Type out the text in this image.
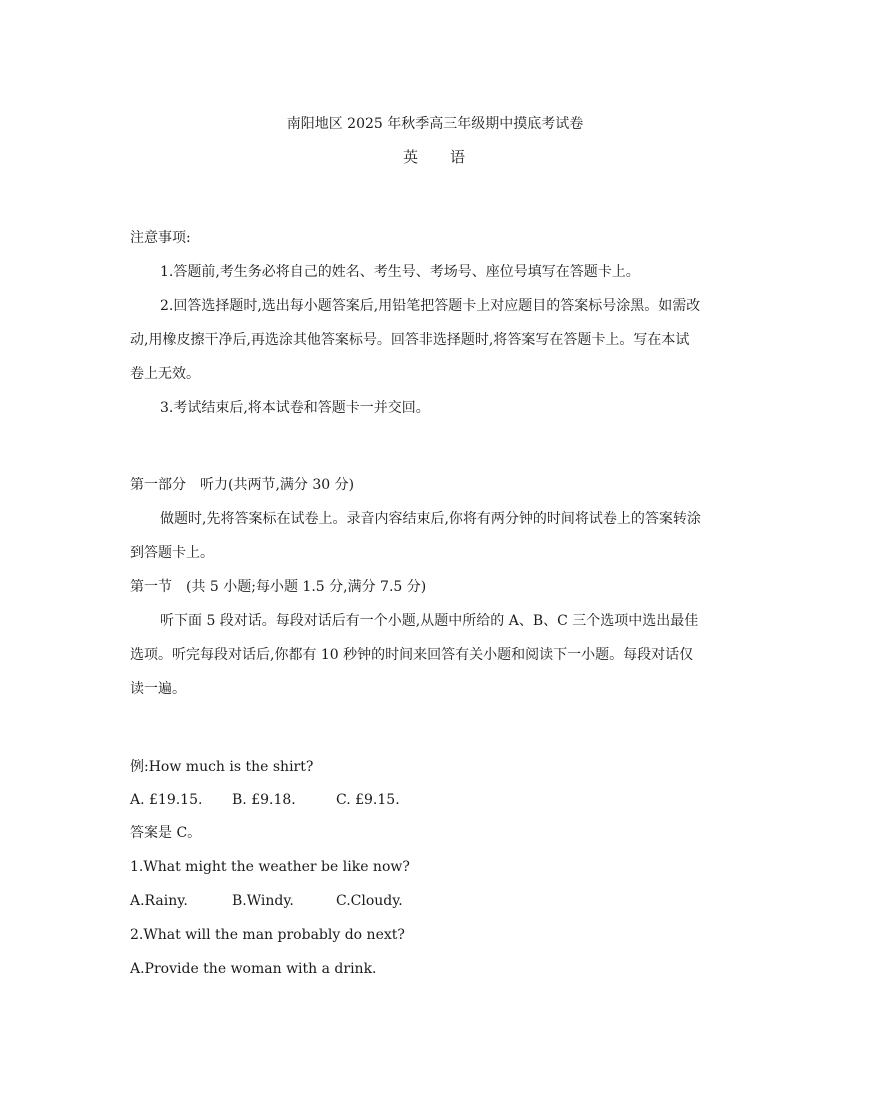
南阳地区 2025 年秋季高三年级期中摸底考试卷
英 语
注意事项:
1.答题前,考生务必将自己的姓名、考生号、考场号、座位号填写在答题卡上。
2.回答选择题时,选出每小题答案后,用铅笔把答题卡上对应题目的答案标号涂黑。如需改
动,用橡皮擦干净后,再选涂其他答案标号。回答非选择题时,将答案写在答题卡上。写在本试
卷上无效。
3.考试结束后,将本试卷和答题卡一并交回。
第一部分　听力(共两节,满分 30 分)
做题时,先将答案标在试卷上。录音内容结束后,你将有两分钟的时间将试卷上的答案转涂
到答题卡上。
第一节　(共 5 小题;每小题 1.5 分,满分 7.5 分)
听下面 5 段对话。每段对话后有一个小题,从题中所给的 A、B、C 三个选项中选出最佳
选项。听完每段对话后,你都有 10 秒钟的时间来回答有关小题和阅读下一小题。每段对话仅
读一遍。
例:How much is the shirt?
A. £19.15. B. £9.18.	C. £9.15.
答案是 C。
1.What might the weather be like now?
A.Rainy.	B.Windy.	C.Cloudy.
2.What will the man probably do next?
A.Provide the woman with a drink.
